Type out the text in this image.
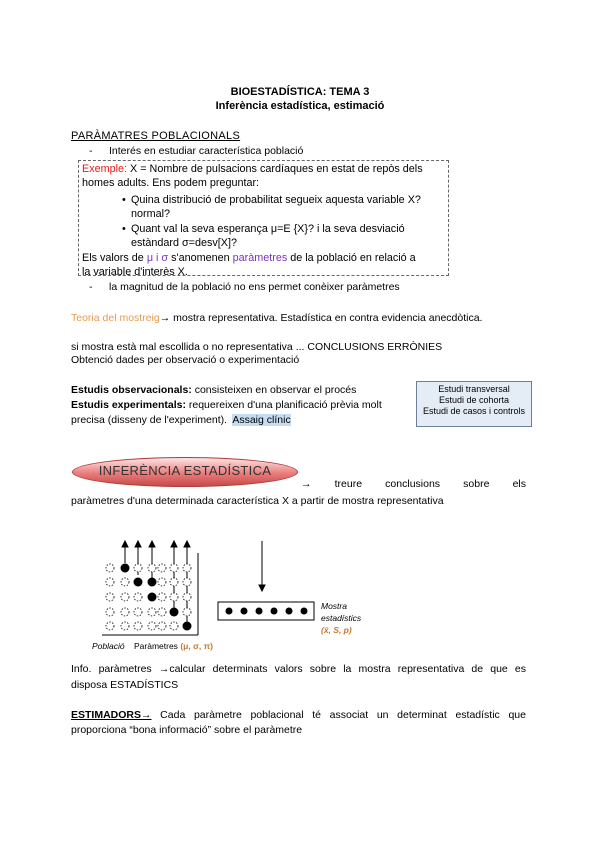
BIOESTADÍSTICA: TEMA 3
Inferència estadística, estimació
PARÀMATRES POBLACIONALS
- Interés en estudiar característica població
Exemple: X = Nombre de pulsacions cardíaques en estat de repòs dels
homes adults. Ens podem preguntar:
• Quina distribució de probabilitat segueix aquesta variable X?
normal?
• Quant val la seva esperança μ=E {X}? i la seva desviació
estàndard σ=desv[X]?
Els valors de μ i σ s'anomenen paràmetres de la població en relació a
la variable d'interès X.
- la magnitud de la població no ens permet conèixer paràmetres
Teoria del mostreig→ mostra representativa. Estadística en contra evidencia anecdòtica.
si mostra està mal escollida o no representativa ... CONCLUSIONS ERRÒNIES
Obtenció dades per observació o experimentació
Estudis observacionals: consisteixen en observar el procés
Estudis experimentals: requereixen d'una planificació prèvia molt
precisa (disseny de l'experiment). Assaig clínic
Estudi transversal
Estudi de cohorta
Estudi de casos i controls
INFERÈNCIA ESTADÍSTICA
→ treure conclusions sobre els
paràmetres d'una determinada característica X a partir de mostra representativa
Població Paràmetres (μ, σ, π)
Mostra
estadístics
(x̄, S, p)
Info. paràmetres →calcular determinats valors sobre la mostra representativa de que es
disposa ESTADÍSTICS
ESTIMADORS→ Cada paràmetre poblacional té associat un determinat estadístic que
proporciona “bona informació” sobre el paràmetre
